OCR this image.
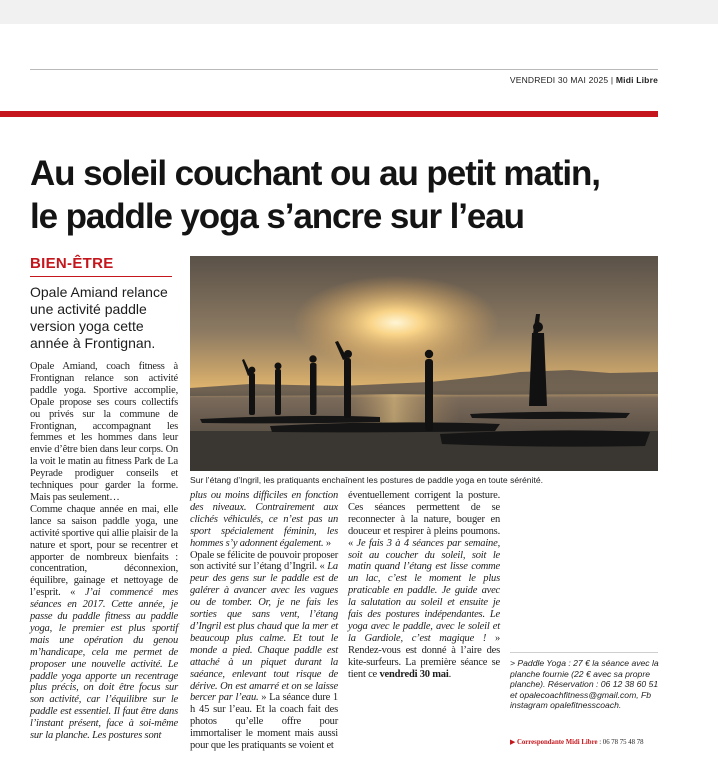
VENDREDI 30 MAI 2025 | Midi Libre
Au soleil couchant ou au petit matin,
le paddle yoga s’ancre sur l’eau
BIEN-ÊTRE

Opale Amiand relance une activité paddle version yoga cette année à Frontignan.

Sur l’étang d’Ingril, les pratiquants enchaînent les postures de paddle yoga en toute sérénité.

Opale Amiand, coach fitness à Frontignan relance son activité paddle yoga. Sportive accomplie, Opale propose ses cours collectifs ou privés sur la commune de Frontignan, accompagnant les femmes et les hommes dans leur envie d’être bien dans leur corps. On la voit le matin au fitness Park de La Peyrade prodiguer conseils et techniques pour garder la forme. Mais pas seulement…

Comme chaque année en mai, elle lance sa saison paddle yoga, une activité sportive qui allie plaisir de la nature et sport, pour se recentrer et apporter de nombreux bienfaits : concentration, déconnexion, équilibre, gainage et nettoyage de l’esprit. « J’ai commencé mes séances en 2017. Cette année, je passe du paddle fitness au paddle yoga, le premier est plus sportif mais une opération du genou m’handicape, cela me permet de proposer une nouvelle activité. Le paddle yoga apporte un recentrage plus précis, on doit être focus sur son activité, car l’équilibre sur le paddle est essentiel. Il faut être dans l’instant présent, face à soi-même sur la planche. Les postures sont

> Paddle Yoga : 27 € la séance avec la planche fournie (22 € avec sa propre planche). Réservation : 06 12 38 60 51 et opalecoachfitness@gmail.com, Fb instagram opalefitnesscoach.

▶ Correspondante Midi Libre : 06 78 75 48 78

plus ou moins difficiles en fonction des niveaux. Contrairement aux clichés véhiculés, ce n’est pas un sport spécialement féminin, les hommes s’y adonnent également. »

Opale se félicite de pouvoir proposer son activité sur l’étang d’Ingril. « La peur des gens sur le paddle est de galérer à avancer avec les vagues ou de tomber. Or, je ne fais les sorties que sans vent, l’étang d’Ingril est plus chaud que la mer et beaucoup plus calme. Et tout le monde a pied. Chaque paddle est attaché à un piquet durant la saéance, enlevant tout risque de dérive. On est amarré et on se laisse bercer par l’eau. » La séance dure 1 h 45 sur l’eau. Et la coach fait des photos qu’elle offre pour immortaliser le moment mais aussi pour que les pratiquants se voient et

éventuellement corrigent la posture. Ces séances permettent de se reconnecter à la nature, bouger en douceur et respirer à pleins poumons. « Je fais 3 à 4 séances par semaine, soit au coucher du soleil, soit le matin quand l’étang est lisse comme un lac, c’est le moment le plus praticable en paddle. Je guide avec la salutation au soleil et ensuite je fais des postures indépendantes. Le yoga avec le paddle, avec le soleil et la Gardiole, c’est magique ! » Rendez-vous est donné à l’aire des kite-surfeurs. La première séance se tient ce vendredi 30 mai.
